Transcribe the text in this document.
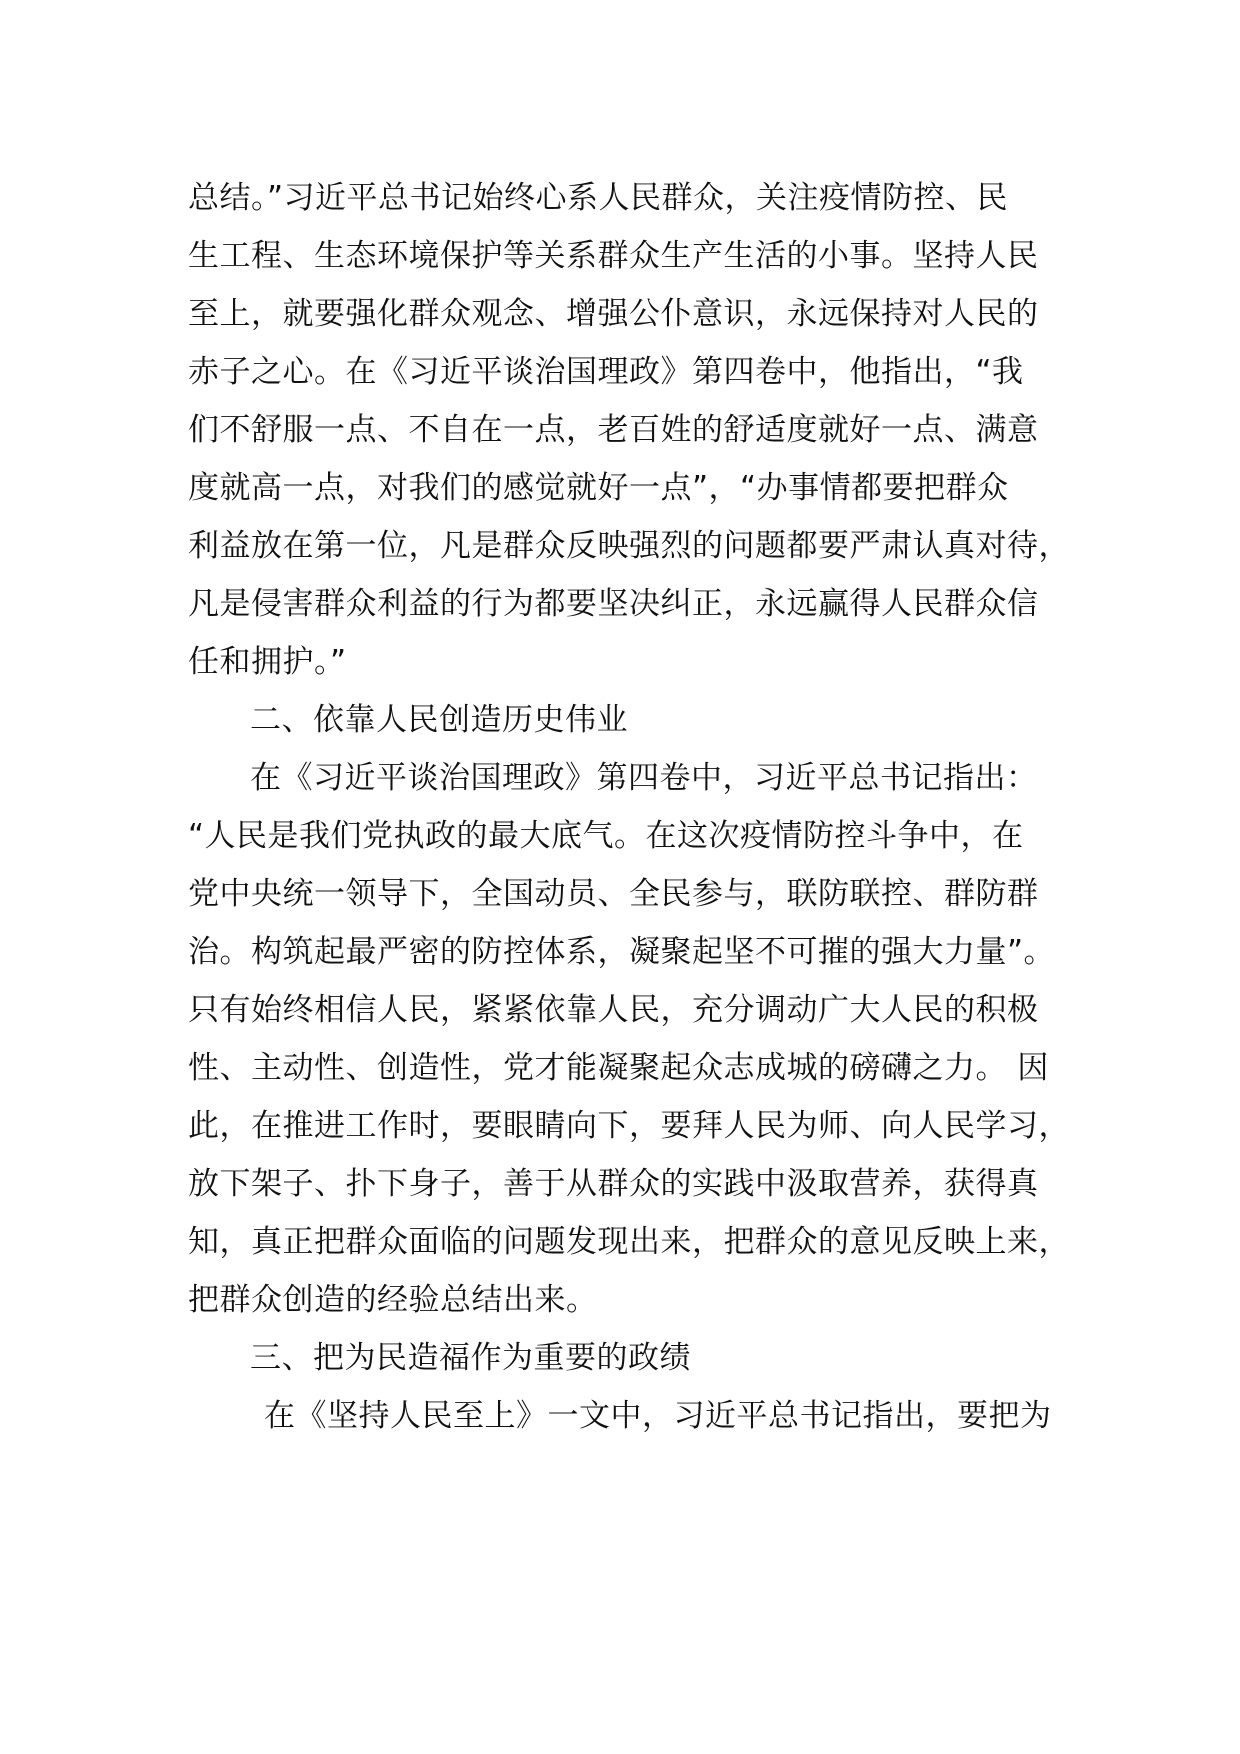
总结。”习近平总书记始终心系人民群众，关注疫情防控、民
生工程、生态环境保护等关系群众生产生活的小事。坚持人民
至上，就要强化群众观念、增强公仆意识，永远保持对人民的
赤子之心。在《习近平谈治国理政》第四卷中，他指出，“我
们不舒服一点、不自在一点，老百姓的舒适度就好一点、满意
度就高一点，对我们的感觉就好一点”，“办事情都要把群众
利益放在第一位，凡是群众反映强烈的问题都要严肃认真对待，
凡是侵害群众利益的行为都要坚决纠正，永远赢得人民群众信
任和拥护。”
二、依靠人民创造历史伟业
在《习近平谈治国理政》第四卷中，习近平总书记指出：
“人民是我们党执政的最大底气。在这次疫情防控斗争中，在
党中央统一领导下，全国动员、全民参与，联防联控、群防群
治。构筑起最严密的防控体系，凝聚起坚不可摧的强大力量”。
只有始终相信人民，紧紧依靠人民，充分调动广大人民的积极
性、主动性、创造性，党才能凝聚起众志成城的磅礴之力。 因
此，在推进工作时，要眼睛向下，要拜人民为师、向人民学习，
放下架子、扑下身子，善于从群众的实践中汲取营养，获得真
知，真正把群众面临的问题发现出来，把群众的意见反映上来，
把群众创造的经验总结出来。
三、把为民造福作为重要的政绩
在《坚持人民至上》一文中，习近平总书记指出，要把为
